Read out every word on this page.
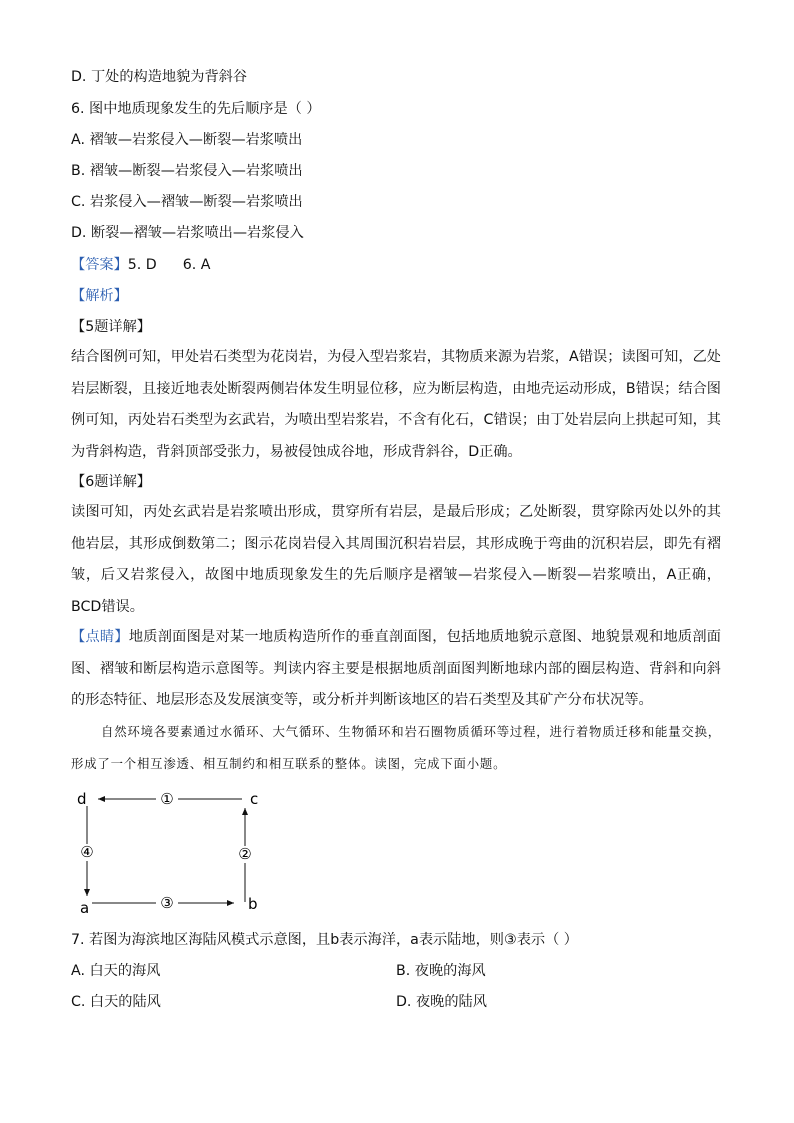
D. 丁处的构造地貌为背斜谷
6. 图中地质现象发生的先后顺序是（ ）
A. 褶皱—岩浆侵入—断裂—岩浆喷出
B. 褶皱—断裂—岩浆侵入—岩浆喷出
C. 岩浆侵入—褶皱—断裂—岩浆喷出
D. 断裂—褶皱—岩浆喷出—岩浆侵入
【答案】5. D 6. A
【解析】
【5题详解】
结合图例可知，甲处岩石类型为花岗岩，为侵入型岩浆岩，其物质来源为岩浆，A错误；读图可知，乙处岩层断裂，且接近地表处断裂两侧岩体发生明显位移，应为断层构造，由地壳运动形成，B错误；结合图例可知，丙处岩石类型为玄武岩，为喷出型岩浆岩，不含有化石，C错误；由丁处岩层向上拱起可知，其为背斜构造，背斜顶部受张力，易被侵蚀成谷地，形成背斜谷，D正确。
【6题详解】
读图可知，丙处玄武岩是岩浆喷出形成，贯穿所有岩层，是最后形成；乙处断裂，贯穿除丙处以外的其他岩层，其形成倒数第二；图示花岗岩侵入其周围沉积岩岩层，其形成晚于弯曲的沉积岩层，即先有褶皱，后又岩浆侵入，故图中地质现象发生的先后顺序是褶皱—岩浆侵入—断裂—岩浆喷出，A正确，BCD错误。
【点睛】地质剖面图是对某一地质构造所作的垂直剖面图，包括地质地貌示意图、地貌景观和地质剖面图、褶皱和断层构造示意图等。判读内容主要是根据地质剖面图判断地球内部的圈层构造、背斜和向斜的形态特征、地层形态及发展演变等，或分析并判断该地区的岩石类型及其矿产分布状况等。
自然环境各要素通过水循环、大气循环、生物循环和岩石圈物质循环等过程，进行着物质迁移和能量交换，形成了一个相互渗透、相互制约和相互联系的整体。读图，完成下面小题。
d	c
a	b
①
②
③
④
7. 若图为海滨地区海陆风模式示意图，且b表示海洋，a表示陆地，则③表示（ ）
A. 白天的海风	B. 夜晚的海风
C. 白天的陆风	D. 夜晚的陆风
